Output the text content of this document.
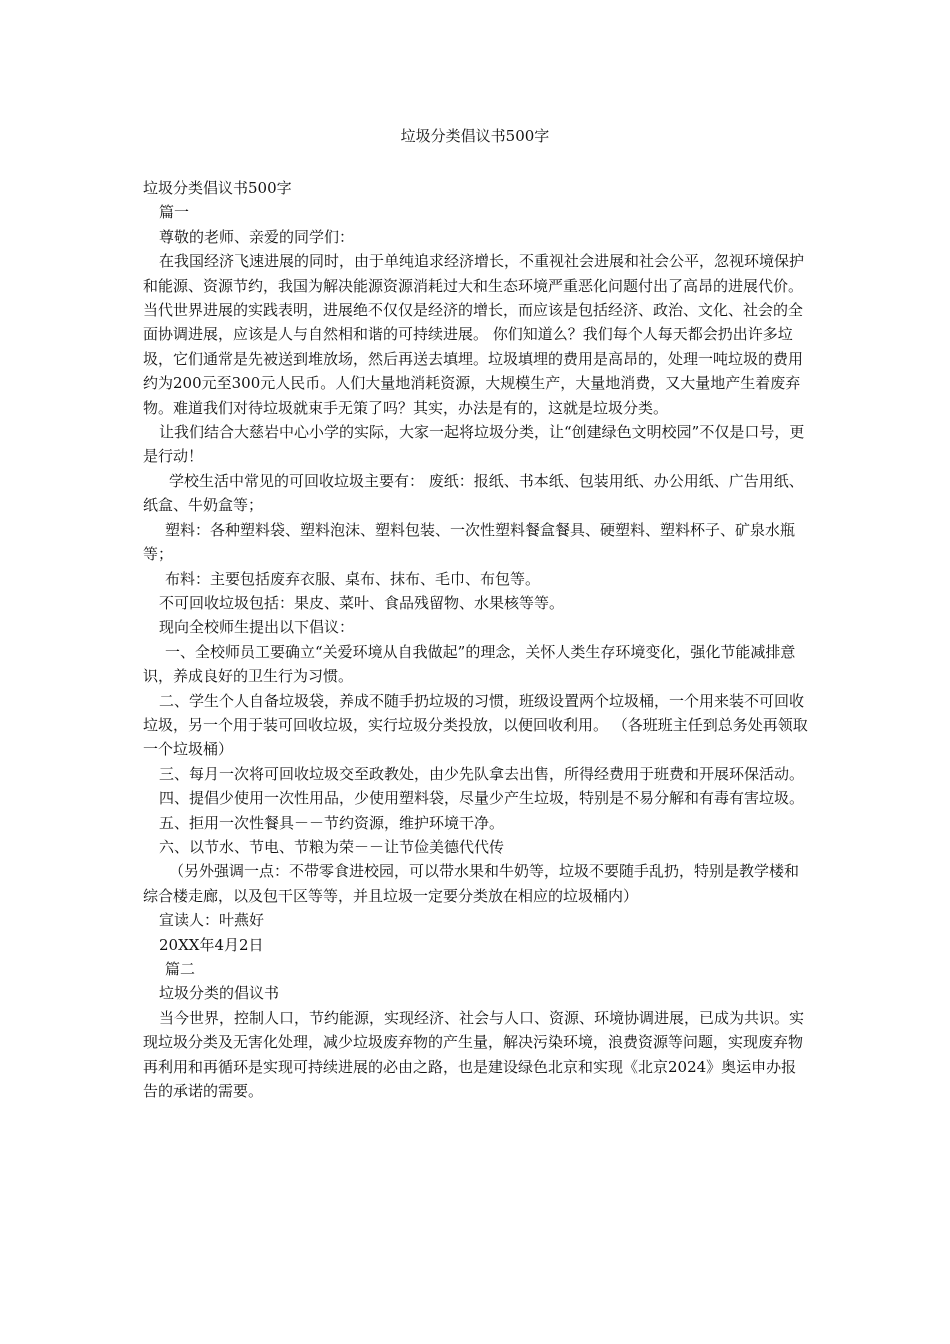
垃圾分类倡议书500字

垃圾分类倡议书500字

篇一

尊敬的老师、亲爱的同学们：

在我国经济飞速进展的同时，由于单纯追求经济增长，不重视社会进展和社会公平，忽视环境保护和能源、资源节约，我国为解决能源资源消耗过大和生态环境严重恶化问题付出了高昂的进展代价。当代世界进展的实践表明，进展绝不仅仅是经济的增长，而应该是包括经济、政治、文化、社会的全面协调进展，应该是人与自然相和谐的可持续进展。 你们知道么？我们每个人每天都会扔出许多垃圾，它们通常是先被送到堆放场，然后再送去填埋。垃圾填埋的费用是高昂的，处理一吨垃圾的费用约为200元至300元人民币。人们大量地消耗资源，大规模生产，大量地消费，又大量地产生着废弃物。难道我们对待垃圾就束手无策了吗？其实，办法是有的，这就是垃圾分类。

让我们结合大慈岩中心小学的实际，大家一起将垃圾分类，让“创建绿色文明校园”不仅是口号，更是行动！

学校生活中常见的可回收垃圾主要有： 废纸：报纸、书本纸、包装用纸、办公用纸、广告用纸、纸盒、牛奶盒等；

塑料：各种塑料袋、塑料泡沫、塑料包装、一次性塑料餐盒餐具、硬塑料、塑料杯子、矿泉水瓶等；

布料：主要包括废弃衣服、桌布、抹布、毛巾、布包等。

不可回收垃圾包括：果皮、菜叶、食品残留物、水果核等等。

现向全校师生提出以下倡议：

一、全校师员工要确立“关爱环境从自我做起”的理念，关怀人类生存环境变化，强化节能减排意识，养成良好的卫生行为习惯。

二、学生个人自备垃圾袋，养成不随手扔垃圾的习惯，班级设置两个垃圾桶，一个用来装不可回收垃圾，另一个用于装可回收垃圾，实行垃圾分类投放，以便回收利用。 （各班班主任到总务处再领取一个垃圾桶）

三、每月一次将可回收垃圾交至政教处，由少先队拿去出售，所得经费用于班费和开展环保活动。

四、提倡少使用一次性用品，少使用塑料袋，尽量少产生垃圾，特别是不易分解和有毒有害垃圾。

五、拒用一次性餐具－－节约资源，维护环境干净。

六、以节水、节电、节粮为荣－－让节俭美德代代传

（另外强调一点：不带零食进校园，可以带水果和牛奶等，垃圾不要随手乱扔，特别是教学楼和综合楼走廊，以及包干区等等，并且垃圾一定要分类放在相应的垃圾桶内）

宣读人：叶燕好

20XX年4月2日

篇二

垃圾分类的倡议书

当今世界，控制人口，节约能源，实现经济、社会与人口、资源、环境协调进展，已成为共识。实现垃圾分类及无害化处理，减少垃圾废弃物的产生量，解决污染环境，浪费资源等问题，实现废弃物再利用和再循环是实现可持续进展的必由之路，也是建设绿色北京和实现《北京2024》奥运申办报告的承诺的需要。
